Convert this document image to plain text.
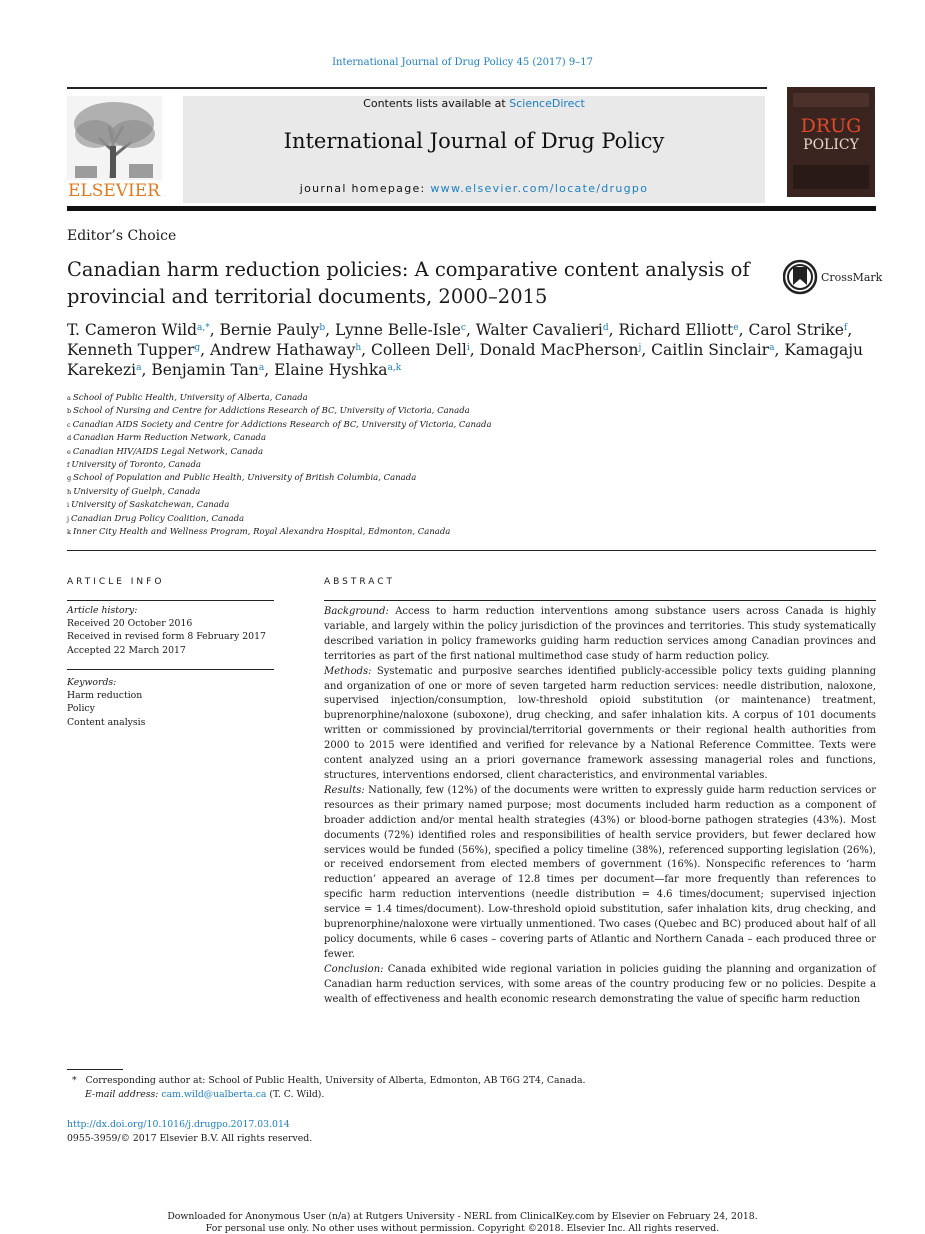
International Journal of Drug Policy 45 (2017) 9–17
ELSEVIER
Contents lists available at ScienceDirect
International Journal of Drug Policy
journal homepage: www.elsevier.com/locate/drugpo
DRUG
POLICY
Editor’s Choice
Canadian harm reduction policies: A comparative content analysis of provincial and territorial documents, 2000–2015
CrossMark
T. Cameron Wild$^{a,*}$, Bernie Pauly$^b$, Lynne Belle-Isle$^c$, Walter Cavalieri$^d$, Richard Elliott$^e$, Carol Strike$^f$, Kenneth Tupper$^g$, Andrew Hathaway$^h$, Colleen Dell$^i$, Donald MacPherson$^j$, Caitlin Sinclair$^a$, Kamagaju Karekezi$^a$, Benjamin Tan$^a$, Elaine Hyshka$^{a,k}$
$^a$ School of Public Health, University of Alberta, Canada
$^b$ School of Nursing and Centre for Addictions Research of BC, University of Victoria, Canada
$^c$ Canadian AIDS Society and Centre for Addictions Research of BC, University of Victoria, Canada
$^d$ Canadian Harm Reduction Network, Canada
$^e$ Canadian HIV/AIDS Legal Network, Canada
$^f$ University of Toronto, Canada
$^g$ School of Population and Public Health, University of British Columbia, Canada
$^h$ University of Guelph, Canada
$^i$ University of Saskatchewan, Canada
$^j$ Canadian Drug Policy Coalition, Canada
$^k$ Inner City Health and Wellness Program, Royal Alexandra Hospital, Edmonton, Canada
ARTICLE INFO
Article history:
Received 20 October 2016
Received in revised form 8 February 2017
Accepted 22 March 2017
Keywords:
Harm reduction
Policy
Content analysis
ABSTRACT

Background: Access to harm reduction interventions among substance users across Canada is highly variable, and largely within the policy jurisdiction of the provinces and territories. This study systematically described variation in policy frameworks guiding harm reduction services among Canadian provinces and territories as part of the first national multimethod case study of harm reduction policy.

Methods: Systematic and purposive searches identified publicly-accessible policy texts guiding planning and organization of one or more of seven targeted harm reduction services: needle distribution, naloxone, supervised injection/consumption, low-threshold opioid substitution (or maintenance) treatment, buprenorphine/naloxone (suboxone), drug checking, and safer inhalation kits. A corpus of 101 documents written or commissioned by provincial/territorial governments or their regional health authorities from 2000 to 2015 were identified and verified for relevance by a National Reference Committee. Texts were content analyzed using an a priori governance framework assessing managerial roles and functions, structures, interventions endorsed, client characteristics, and environmental variables.

Results: Nationally, few (12%) of the documents were written to expressly guide harm reduction services or resources as their primary named purpose; most documents included harm reduction as a component of broader addiction and/or mental health strategies (43%) or blood-borne pathogen strategies (43%). Most documents (72%) identified roles and responsibilities of health service providers, but fewer declared how services would be funded (56%), specified a policy timeline (38%), referenced supporting legislation (26%), or received endorsement from elected members of government (16%). Nonspecific references to ‘harm reduction’ appeared an average of 12.8 times per document—far more frequently than references to specific harm reduction interventions (needle distribution = 4.6 times/document; supervised injection service = 1.4 times/document). Low-threshold opioid substitution, safer inhalation kits, drug checking, and buprenorphine/naloxone were virtually unmentioned. Two cases (Quebec and BC) produced about half of all policy documents, while 6 cases – covering parts of Atlantic and Northern Canada – each produced three or fewer.

Conclusion: Canada exhibited wide regional variation in policies guiding the planning and organization of Canadian harm reduction services, with some areas of the country producing few or no policies. Despite a wealth of effectiveness and health economic research demonstrating the value of specific harm reduction

* Corresponding author at: School of Public Health, University of Alberta, Edmonton, AB T6G 2T4, Canada.
E-mail address: cam.wild@ualberta.ca (T. C. Wild).
http://dx.doi.org/10.1016/j.drugpo.2017.03.014
0955-3959/© 2017 Elsevier B.V. All rights reserved.
Downloaded for Anonymous User (n/a) at Rutgers University - NERL from ClinicalKey.com by Elsevier on February 24, 2018.
For personal use only. No other uses without permission. Copyright ©2018. Elsevier Inc. All rights reserved.
